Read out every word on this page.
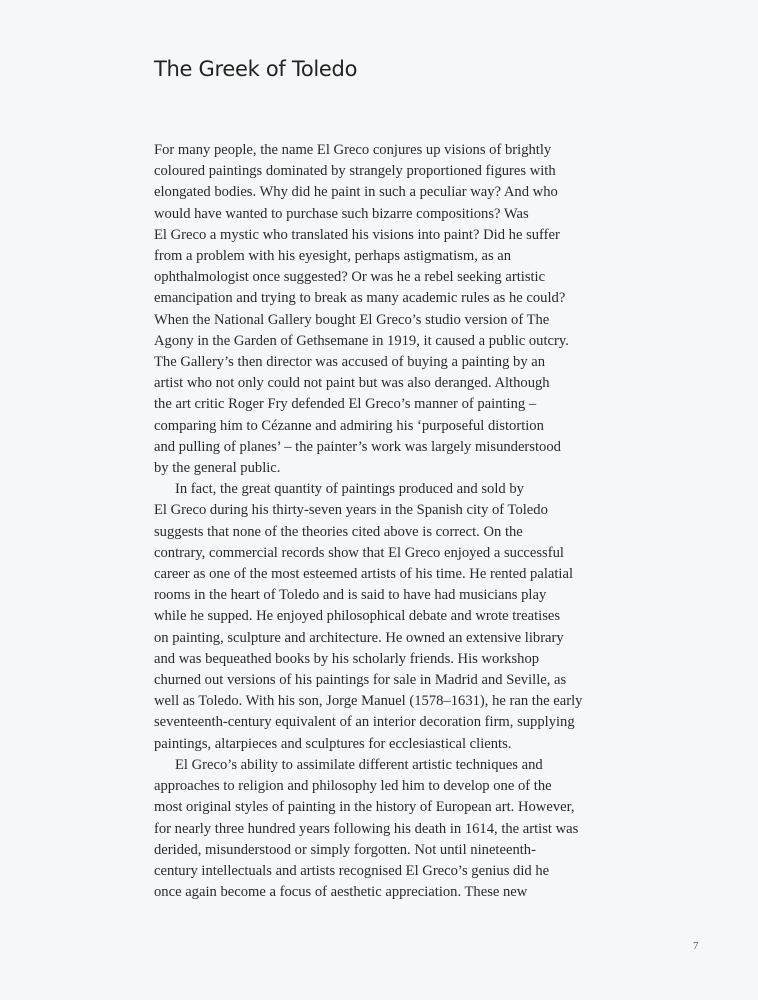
The Greek of Toledo
For many people, the name El Greco conjures up visions of brightly
coloured paintings dominated by strangely proportioned figures with
elongated bodies. Why did he paint in such a peculiar way? And who
would have wanted to purchase such bizarre compositions? Was
El Greco a mystic who translated his visions into paint? Did he suffer
from a problem with his eyesight, perhaps astigmatism, as an
ophthalmologist once suggested? Or was he a rebel seeking artistic
emancipation and trying to break as many academic rules as he could?
When the National Gallery bought El Greco’s studio version of The
Agony in the Garden of Gethsemane in 1919, it caused a public outcry.
The Gallery’s then director was accused of buying a painting by an
artist who not only could not paint but was also deranged. Although
the art critic Roger Fry defended El Greco’s manner of painting –
comparing him to Cézanne and admiring his ‘purposeful distortion
and pulling of planes’ – the painter’s work was largely misunderstood
by the general public.
In fact, the great quantity of paintings produced and sold by
El Greco during his thirty-seven years in the Spanish city of Toledo
suggests that none of the theories cited above is correct. On the
contrary, commercial records show that El Greco enjoyed a successful
career as one of the most esteemed artists of his time. He rented palatial
rooms in the heart of Toledo and is said to have had musicians play
while he supped. He enjoyed philosophical debate and wrote treatises
on painting, sculpture and architecture. He owned an extensive library
and was bequeathed books by his scholarly friends. His workshop
churned out versions of his paintings for sale in Madrid and Seville, as
well as Toledo. With his son, Jorge Manuel (1578–1631), he ran the early
seventeenth-century equivalent of an interior decoration firm, supplying
paintings, altarpieces and sculptures for ecclesiastical clients.
El Greco’s ability to assimilate different artistic techniques and
approaches to religion and philosophy led him to develop one of the
most original styles of painting in the history of European art. However,
for nearly three hundred years following his death in 1614, the artist was
derided, misunderstood or simply forgotten. Not until nineteenth-
century intellectuals and artists recognised El Greco’s genius did he
once again become a focus of aesthetic appreciation. These new
7
